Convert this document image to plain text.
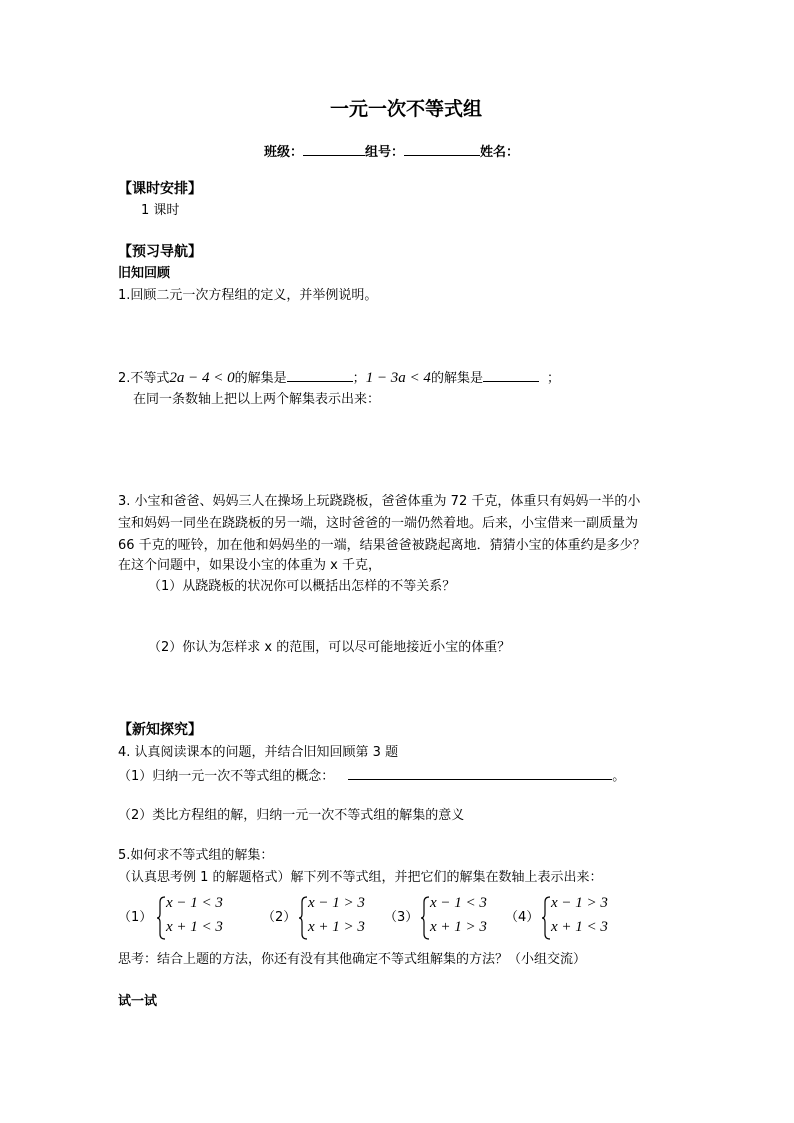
一元一次不等式组
班级：	组号：	姓名：
【课时安排】
1 课时
【预习导航】
旧知回顾
1.回顾二元一次方程组的定义，并举例说明。
2.不等式2a − 4 < 0的解集是	；1 − 3a < 4的解集是	；
在同一条数轴上把以上两个解集表示出来：
3. 小宝和爸爸、妈妈三人在操场上玩跷跷板，爸爸体重为 72 千克，体重只有妈妈一半的小
宝和妈妈一同坐在跷跷板的另一端，这时爸爸的一端仍然着地。后来，小宝借来一副质量为
66 千克的哑铃，加在他和妈妈坐的一端，结果爸爸被跷起离地．猜猜小宝的体重约是多少？
在这个问题中，如果设小宝的体重为 x 千克，
（1）从跷跷板的状况你可以概括出怎样的不等关系？
（2）你认为怎样求 x 的范围，可以尽可能地接近小宝的体重？
【新知探究】
4. 认真阅读课本的问题，并结合旧知回顾第 3 题
（1）归纳一元一次不等式组的概念：	。
（2）类比方程组的解，归纳一元一次不等式组的解集的意义
5.如何求不等式组的解集：
（认真思考例 1 的解题格式）解下列不等式组，并把它们的解集在数轴上表示出来：
（1）
x − 1 < 3
x + 1 < 3
（2）
x − 1 > 3
x + 1 > 3
（3）
x − 1 < 3
x + 1 > 3
（4）
x − 1 > 3
x + 1 < 3
思考：结合上题的方法，你还有没有其他确定不等式组解集的方法？（小组交流）
试一试
